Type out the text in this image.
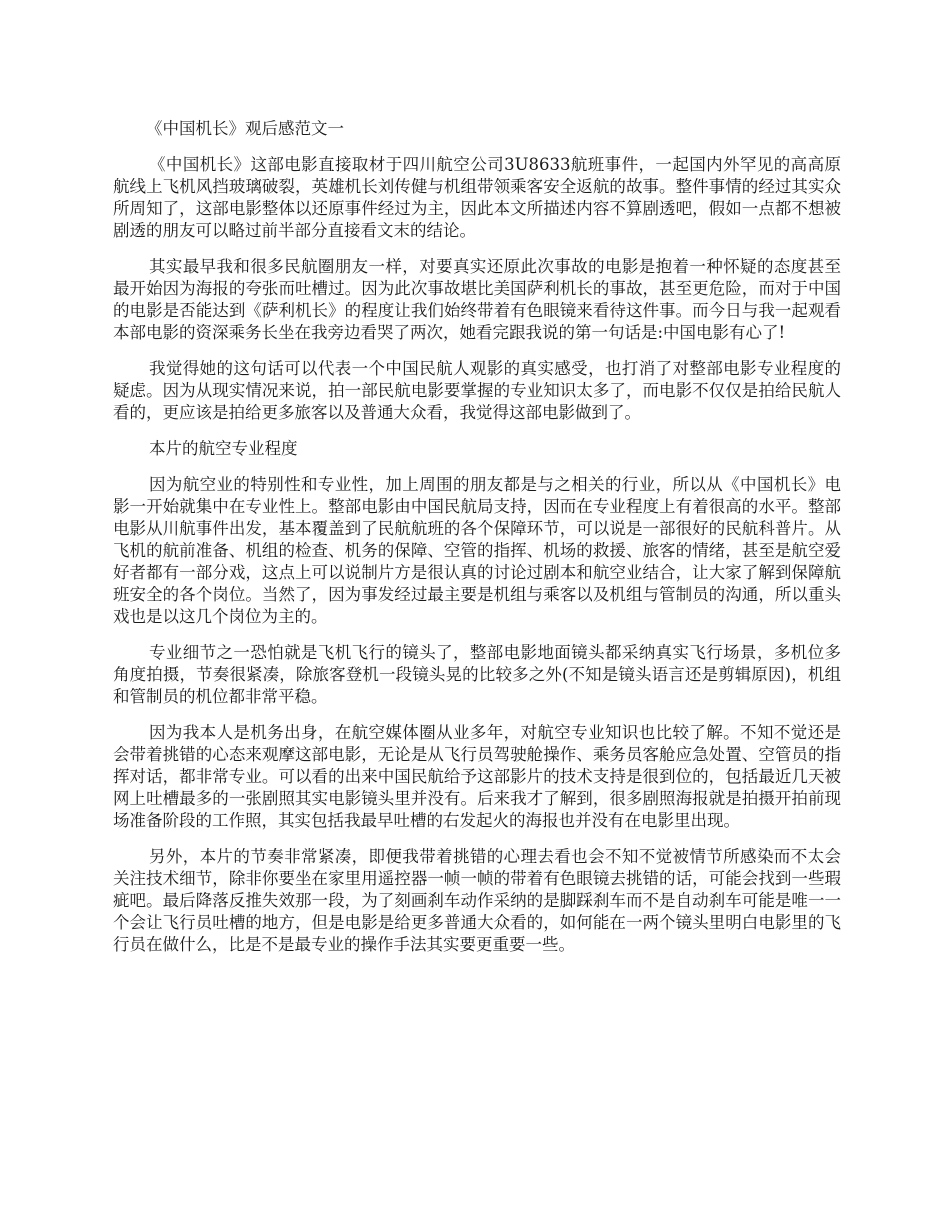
《中国机长》观后感范文一

《中国机长》这部电影直接取材于四川航空公司3U8633航班事件，一起国内外罕见的高高原航线上飞机风挡玻璃破裂，英雄机长刘传健与机组带领乘客安全返航的故事。整件事情的经过其实众所周知了，这部电影整体以还原事件经过为主，因此本文所描述内容不算剧透吧，假如一点都不想被剧透的朋友可以略过前半部分直接看文末的结论。

其实最早我和很多民航圈朋友一样，对要真实还原此次事故的电影是抱着一种怀疑的态度甚至最开始因为海报的夸张而吐槽过。因为此次事故堪比美国萨利机长的事故，甚至更危险，而对于中国的电影是否能达到《萨利机长》的程度让我们始终带着有色眼镜来看待这件事。而今日与我一起观看本部电影的资深乘务长坐在我旁边看哭了两次，她看完跟我说的第一句话是:中国电影有心了!

我觉得她的这句话可以代表一个中国民航人观影的真实感受，也打消了对整部电影专业程度的疑虑。因为从现实情况来说，拍一部民航电影要掌握的专业知识太多了，而电影不仅仅是拍给民航人看的，更应该是拍给更多旅客以及普通大众看，我觉得这部电影做到了。

本片的航空专业程度

因为航空业的特别性和专业性，加上周围的朋友都是与之相关的行业，所以从《中国机长》电影一开始就集中在专业性上。整部电影由中国民航局支持，因而在专业程度上有着很高的水平。整部电影从川航事件出发，基本覆盖到了民航航班的各个保障环节，可以说是一部很好的民航科普片。从飞机的航前准备、机组的检查、机务的保障、空管的指挥、机场的救援、旅客的情绪，甚至是航空爱好者都有一部分戏，这点上可以说制片方是很认真的讨论过剧本和航空业结合，让大家了解到保障航班安全的各个岗位。当然了，因为事发经过最主要是机组与乘客以及机组与管制员的沟通，所以重头戏也是以这几个岗位为主的。

专业细节之一恐怕就是飞机飞行的镜头了，整部电影地面镜头都采纳真实飞行场景，多机位多角度拍摄，节奏很紧凑，除旅客登机一段镜头晃的比较多之外(不知是镜头语言还是剪辑原因)，机组和管制员的机位都非常平稳。

因为我本人是机务出身，在航空媒体圈从业多年，对航空专业知识也比较了解。不知不觉还是会带着挑错的心态来观摩这部电影，无论是从飞行员驾驶舱操作、乘务员客舱应急处置、空管员的指挥对话，都非常专业。可以看的出来中国民航给予这部影片的技术支持是很到位的，包括最近几天被网上吐槽最多的一张剧照其实电影镜头里并没有。后来我才了解到，很多剧照海报就是拍摄开拍前现场准备阶段的工作照，其实包括我最早吐槽的右发起火的海报也并没有在电影里出现。

另外，本片的节奏非常紧凑，即便我带着挑错的心理去看也会不知不觉被情节所感染而不太会关注技术细节，除非你要坐在家里用遥控器一帧一帧的带着有色眼镜去挑错的话，可能会找到一些瑕疵吧。最后降落反推失效那一段，为了刻画刹车动作采纳的是脚踩刹车而不是自动刹车可能是唯一一个会让飞行员吐槽的地方，但是电影是给更多普通大众看的，如何能在一两个镜头里明白电影里的飞行员在做什么，比是不是最专业的操作手法其实要更重要一些。
